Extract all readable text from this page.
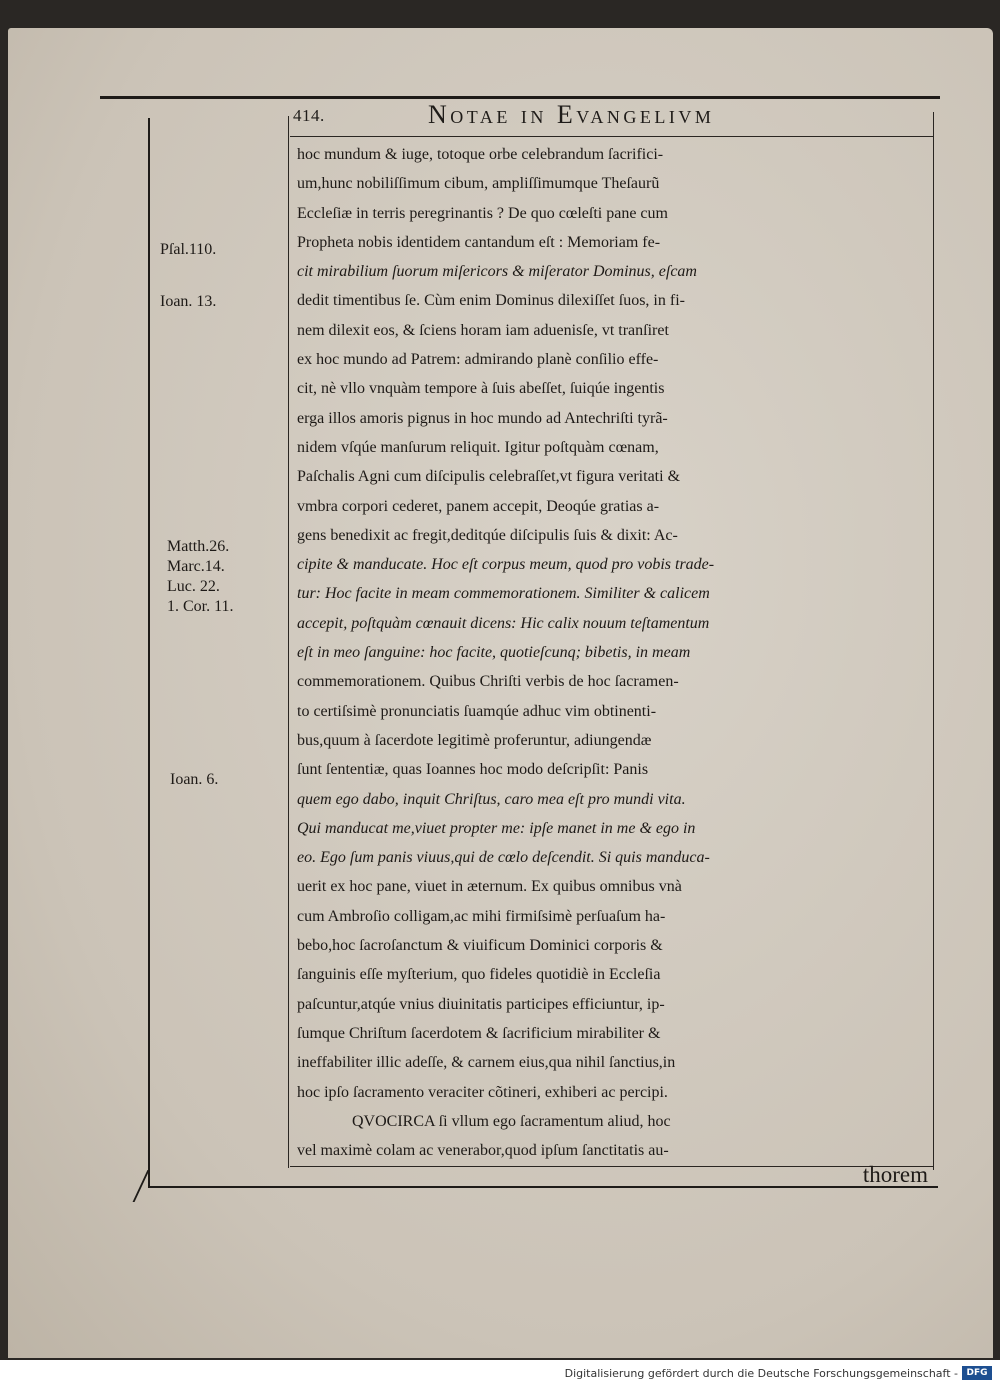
414.	Notae in Evangelivm
hoc mundum & iuge, totoque orbe celebrandum ſacrifici-
um,hunc nobiliſſimum cibum, ampliſſimumque Theſaurũ
Eccleſiæ in terris peregrinantis ? De quo cœleſti pane cum
Propheta nobis identidem cantandum eſt : Memoriam fe-
cit mirabilium ſuorum miſericors & miſerator Dominus, eſcam
dedit timentibus ſe. Cùm enim Dominus dilexiſſet ſuos, in fi-
nem dilexit eos, & ſciens horam iam aduenisſe, vt tranſiret
ex hoc mundo ad Patrem: admirando planè conſilio effe-
cit, nè vllo vnquàm tempore à ſuis abeſſet, ſuiqúe ingentis
erga illos amoris pignus in hoc mundo ad Antechriſti tyrã-
nidem vſqúe manſurum reliquit. Igitur poſtquàm cœnam,
Paſchalis Agni cum diſcipulis celebraſſet,vt figura veritati &
vmbra corpori cederet, panem accepit, Deoqúe gratias a-
gens benedixit ac fregit,deditqúe diſcipulis ſuis & dixit: Ac-
cipite & manducate. Hoc eſt corpus meum, quod pro vobis trade-
tur: Hoc facite in meam commemorationem. Similiter & calicem
accepit, poſtquàm cœnauit dicens: Hic calix nouum teſtamentum
eſt in meo ſanguine: hoc facite, quotieſcunq; bibetis, in meam
commemorationem. Quibus Chriſti verbis de hoc ſacramen-
to certiſsimè pronunciatis ſuamqúe adhuc vim obtinenti-
bus,quum à ſacerdote legitimè proferuntur, adiungendæ
ſunt ſententiæ, quas Ioannes hoc modo deſcripſit: Panis
quem ego dabo, inquit Chriſtus, caro mea eſt pro mundi vita.
Qui manducat me,viuet propter me: ipſe manet in me & ego in
eo. Ego ſum panis viuus,qui de cœlo deſcendit. Si quis manduca-
uerit ex hoc pane, viuet in æternum. Ex quibus omnibus vnà
cum Ambroſio colligam,ac mihi firmiſsimè perſuaſum ha-
bebo,hoc ſacroſanctum & viuificum Dominici corporis &
ſanguinis eſſe myſterium, quo fideles quotidiè in Eccleſia
paſcuntur,atqúe vnius diuinitatis participes efficiuntur, ip-
ſumque Chriſtum ſacerdotem & ſacrificium mirabiliter &
ineffabiliter illic adeſſe, & carnem eius,qua nihil ſanctius,in
hoc ipſo ſacramento veraciter cõtineri, exhiberi ac percipi.
QVOCIRCA ſi vllum ego ſacramentum aliud, hoc
vel maximè colam ac venerabor,quod ipſum ſanctitatis au-
thorem
Pſal.110.
Ioan. 13.
Matth.26.
Marc.14.
Luc. 22.
1. Cor. 11.
Ioan. 6.
Digitalisierung gefördert durch die Deutsche Forschungsgemeinschaft - DFG
